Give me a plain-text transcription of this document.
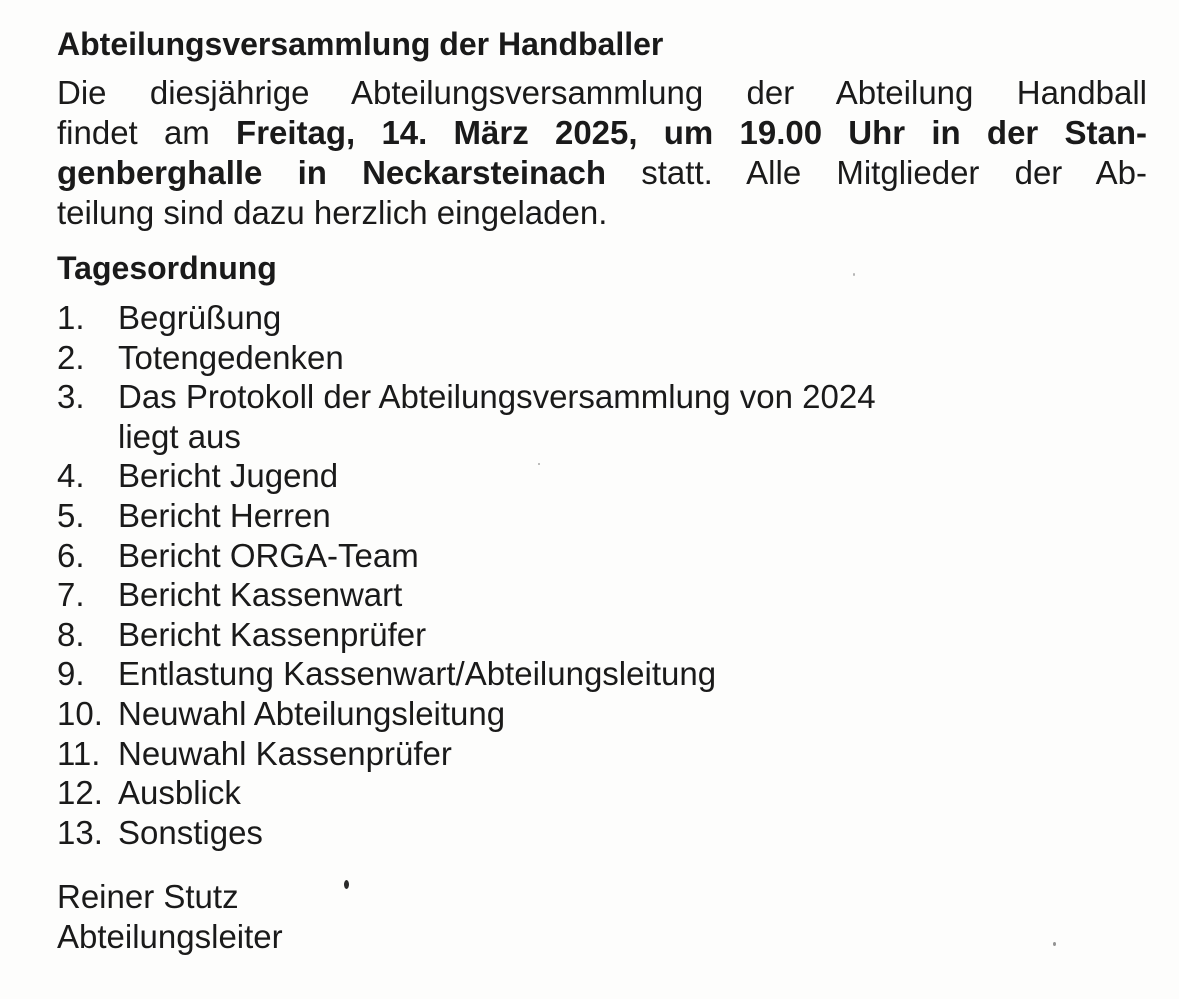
Abteilungsversammlung der Handballer

Die diesjährige Abteilungsversammlung der Abteilung Handball
findet am Freitag, 14. März 2025, um 19.00 Uhr in der Stan-
genberghalle in Neckarsteinach statt. Alle Mitglieder der Ab-
teilung sind dazu herzlich eingeladen.

Tagesordnung
1.	Begrüßung
2.	Totengedenken
3.	Das Protokoll der Abteilungsversammlung von 2024
liegt aus
4.	Bericht Jugend
5.	Bericht Herren
6.	Bericht ORGA-Team
7.	Bericht Kassenwart
8.	Bericht Kassenprüfer
9.	Entlastung Kassenwart/Abteilungsleitung
10. Neuwahl Abteilungsleitung
11. Neuwahl Kassenprüfer
12. Ausblick
13. Sonstiges
Reiner Stutz
Abteilungsleiter
